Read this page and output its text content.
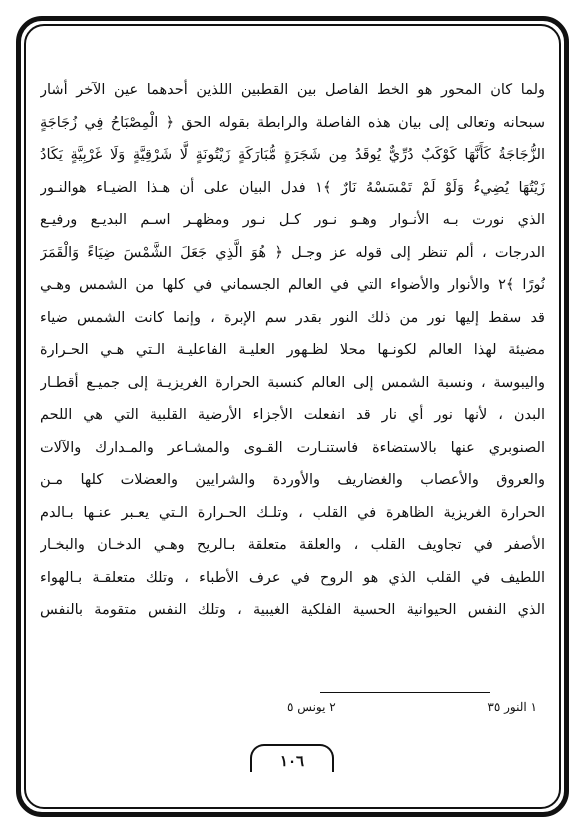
ولما كان المحور هو الخط الفاصل بين القطبين اللذين أحدهما عين الآخر أشار
سبحانه وتعالى إلى بيان هذه الفاصلة والرابطة بقوله الحق ﴿ الْمِصْبَاحُ فِي زُجَاجَةٍ
الزُّجَاجَةُ كَأَنَّهَا كَوْكَبٌ دُرِّيٌّ يُوقَدُ مِن شَجَرَةٍ مُّبَارَكَةٍ زَيْتُونَةٍ لَّا شَرْقِيَّةٍ وَلَا غَرْبِيَّةٍ يَكَادُ
زَيْتُهَا يُضِيءُ وَلَوْ لَمْ تَمْسَسْهُ نَارٌ ﴾١ فدل البيان على أن هـذا الضيـاء هوالنـور
الذي نورت بـه الأنـوار وهـو نـور كـل نـور ومظهـر اسـم البديـع ورفيـع
الدرجات ، ألم تنظر إلى قوله عز وجـل ﴿ هُوَ الَّذِي جَعَلَ الشَّمْسَ ضِيَاءً وَالْقَمَرَ
نُورًا ﴾٢ والأنوار والأضواء التي في العالم الجسماني في كلها من الشمس وهـي
قد سقط إليها نور من ذلك النور بقدر سم الإبرة ، وإنما كانت الشمس ضياء
مضيئة لهذا العالم لكونـها محلا لظـهور العليـة الفاعليـة الـتي هـي الحـرارة
واليبوسة ، ونسبة الشمس إلى العالم كنسبة الحرارة الغريزيـة إلى جميـع أقطـار
البدن ، لأنها نور أي نار قد انفعلت الأجزاء الأرضية القلبية التي هي اللحم
الصنوبري عنها بالاستضاءة فاستنـارت القـوى والمشـاعر والمـدارك والآلات
والعروق والأعصاب والغضاريف والأوردة والشرايين والعضلات كلها مـن
الحرارة الغريزية الظاهرة في القلب ، وتلـك الحـرارة الـتي يعـبر عنـها بـالدم
الأصفر في تجاويف القلب ، والعلقة متعلقة بـالريح وهـي الدخـان والبخـار
اللطيف في القلب الذي هو الروح في عرف الأطباء ، وتلك متعلقـة بـالهواء
الذي النفس الحيوانية الحسية الفلكية الغيبية ، وتلك النفس متقومة بالنفس
١ النور ٣٥
٢ يونس ٥
١٠٦
